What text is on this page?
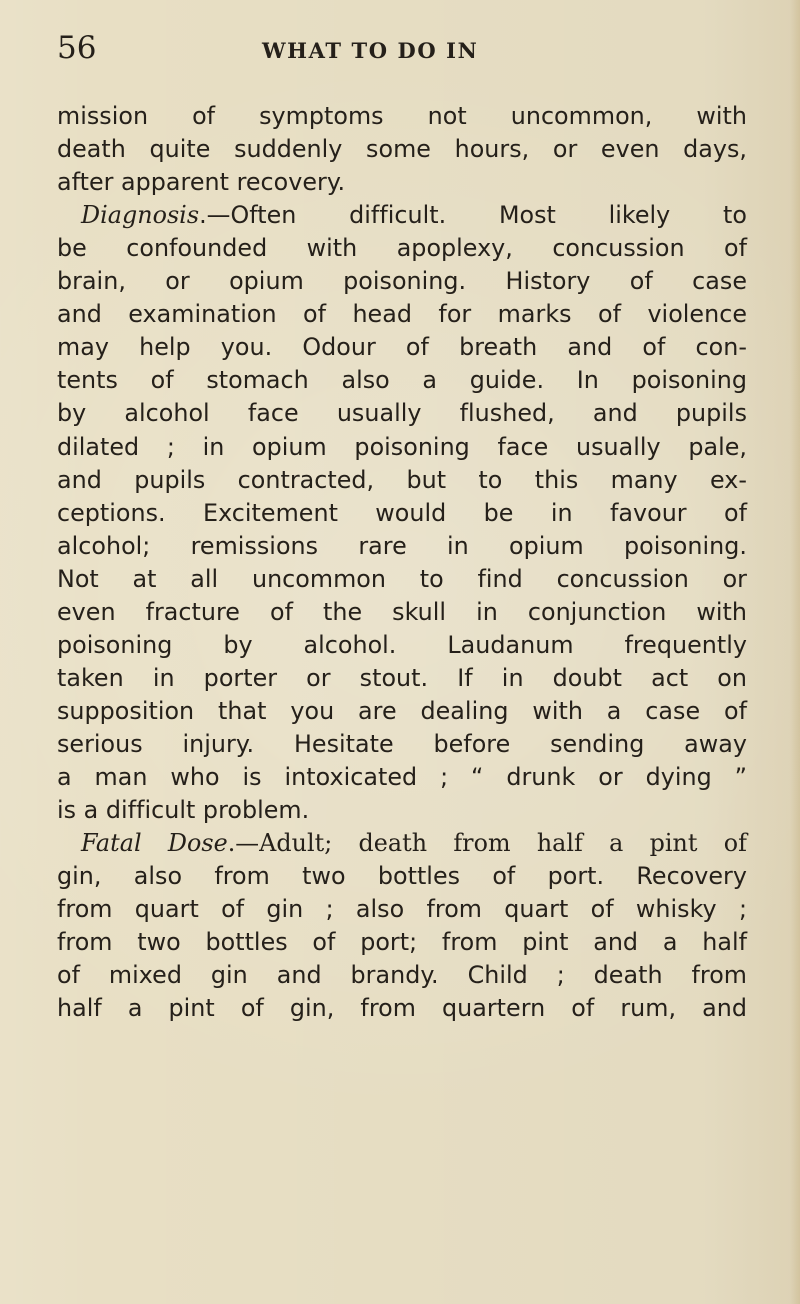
56	WHAT TO DO IN
mission of symptoms not uncommon, with
death quite suddenly some hours, or even days,
after apparent recovery.
Diagnosis.—Often difficult. Most likely to
be confounded with apoplexy, concussion of
brain, or opium poisoning. History of case
and examination of head for marks of violence
may help you. Odour of breath and of con-
tents of stomach also a guide. In poisoning
by alcohol face usually flushed, and pupils
dilated ; in opium poisoning face usually pale,
and pupils contracted, but to this many ex-
ceptions. Excitement would be in favour of
alcohol; remissions rare in opium poisoning.
Not at all uncommon to find concussion or
even fracture of the skull in conjunction with
poisoning by alcohol. Laudanum frequently
taken in porter or stout. If in doubt act on
supposition that you are dealing with a case of
serious injury. Hesitate before sending away
a man who is intoxicated ; “ drunk or dying ”
is a difficult problem.
Fatal Dose.—Adult; death from half a pint of
gin, also from two bottles of port. Recovery
from quart of gin ; also from quart of whisky ;
from two bottles of port; from pint and a half
of mixed gin and brandy. Child ; death from
half a pint of gin, from quartern of rum, and
